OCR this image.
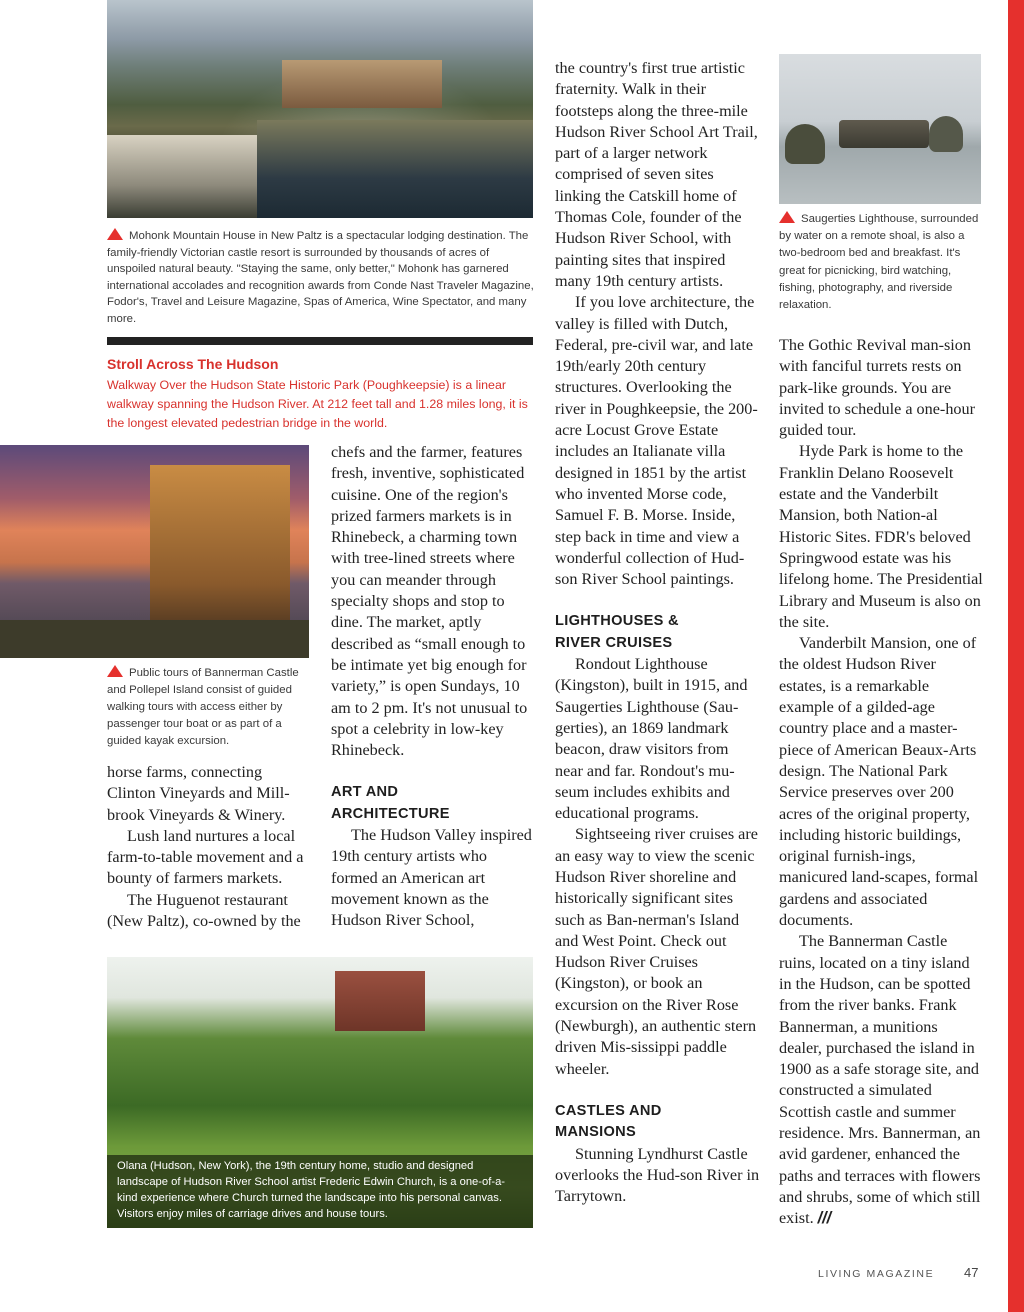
Mohonk Mountain House in New Paltz is a spectacular lodging destination. The family-friendly Victorian castle resort is surrounded by thousands of acres of unspoiled natural beauty. "Staying the same, only better," Mohonk has garnered international accolades and recognition awards from Conde Nast Traveler Magazine, Fodor's, Travel and Leisure Magazine, Spas of America, Wine Spectator, and many more.
Saugerties Lighthouse, surrounded by water on a remote shoal, is also a two-bedroom bed and breakfast. It's great for picnicking, bird watching, fishing, photography, and riverside relaxation.
Stroll Across The Hudson
Walkway Over the Hudson State Historic Park (Poughkeepsie) is a linear walkway spanning the Hudson River. At 212 feet tall and 1.28 miles long, it is the longest elevated pedestrian bridge in the world.
Public tours of Bannerman Castle and Pollepel Island consist of guided walking tours with access either by passenger tour boat or as part of a guided kayak excursion.

horse farms, connecting Clinton Vineyards and Mill-brook Vineyards & Winery.

Lush land nurtures a local farm-to-table movement and a bounty of farmers markets.

The Huguenot restaurant (New Paltz), co-owned by the

chefs and the farmer, features fresh, inventive, sophisticated cuisine. One of the region's prized farmers markets is in Rhinebeck, a charming town with tree-lined streets where you can meander through specialty shops and stop to dine. The market, aptly described as “small enough to be intimate yet big enough for variety,” is open Sundays, 10 am to 2 pm. It's not unusual to spot a celebrity in low-key Rhinebeck.

ART AND
ARCHITECTURE

The Hudson Valley inspired 19th century artists who formed an American art movement known as the Hudson River School,

Olana (Hudson, New York), the 19th century home, studio and designed landscape of Hudson River School artist Frederic Edwin Church, is a one-of-a-kind experience where Church turned the landscape into his personal canvas. Visitors enjoy miles of carriage drives and house tours.

the country's first true artistic fraternity. Walk in their footsteps along the three-mile Hudson River School Art Trail, part of a larger network comprised of seven sites linking the Catskill home of Thomas Cole, founder of the Hudson River School, with painting sites that inspired many 19th century artists.

If you love architecture, the valley is filled with Dutch, Federal, pre-civil war, and late 19th/early 20th century structures. Overlooking the river in Poughkeepsie, the 200-acre Locust Grove Estate includes an Italianate villa designed in 1851 by the artist who invented Morse code, Samuel F. B. Morse. Inside, step back in time and view a wonderful collection of Hud-son River School paintings.

LIGHTHOUSES &
RIVER CRUISES

Rondout Lighthouse (Kingston), built in 1915, and Saugerties Lighthouse (Sau-gerties), an 1869 landmark beacon, draw visitors from near and far. Rondout's mu-seum includes exhibits and educational programs.

Sightseeing river cruises are an easy way to view the scenic Hudson River shoreline and historically significant sites such as Ban-nerman's Island and West Point. Check out Hudson River Cruises (Kingston), or book an excursion on the River Rose (Newburgh), an authentic stern driven Mis-sissippi paddle wheeler.

CASTLES AND
MANSIONS

Stunning Lyndhurst Castle overlooks the Hud-son River in Tarrytown.

The Gothic Revival man-sion with fanciful turrets rests on park-like grounds. You are invited to schedule a one-hour guided tour.

Hyde Park is home to the Franklin Delano Roosevelt estate and the Vanderbilt Mansion, both Nation-al Historic Sites. FDR's beloved Springwood estate was his lifelong home. The Presidential Library and Museum is also on the site.

Vanderbilt Mansion, one of the oldest Hudson River estates, is a remarkable example of a gilded-age country place and a master-piece of American Beaux-Arts design. The National Park Service preserves over 200 acres of the original property, including historic buildings, original furnish-ings, manicured land-scapes, formal gardens and associated documents.

The Bannerman Castle ruins, located on a tiny island in the Hudson, can be spotted from the river banks. Frank Bannerman, a munitions dealer, purchased the island in 1900 as a safe storage site, and constructed a simulated Scottish castle and summer residence. Mrs. Bannerman, an avid gardener, enhanced the paths and terraces with flowers and shrubs, some of which still exist. ///

LIVING MAGAZINE 47
